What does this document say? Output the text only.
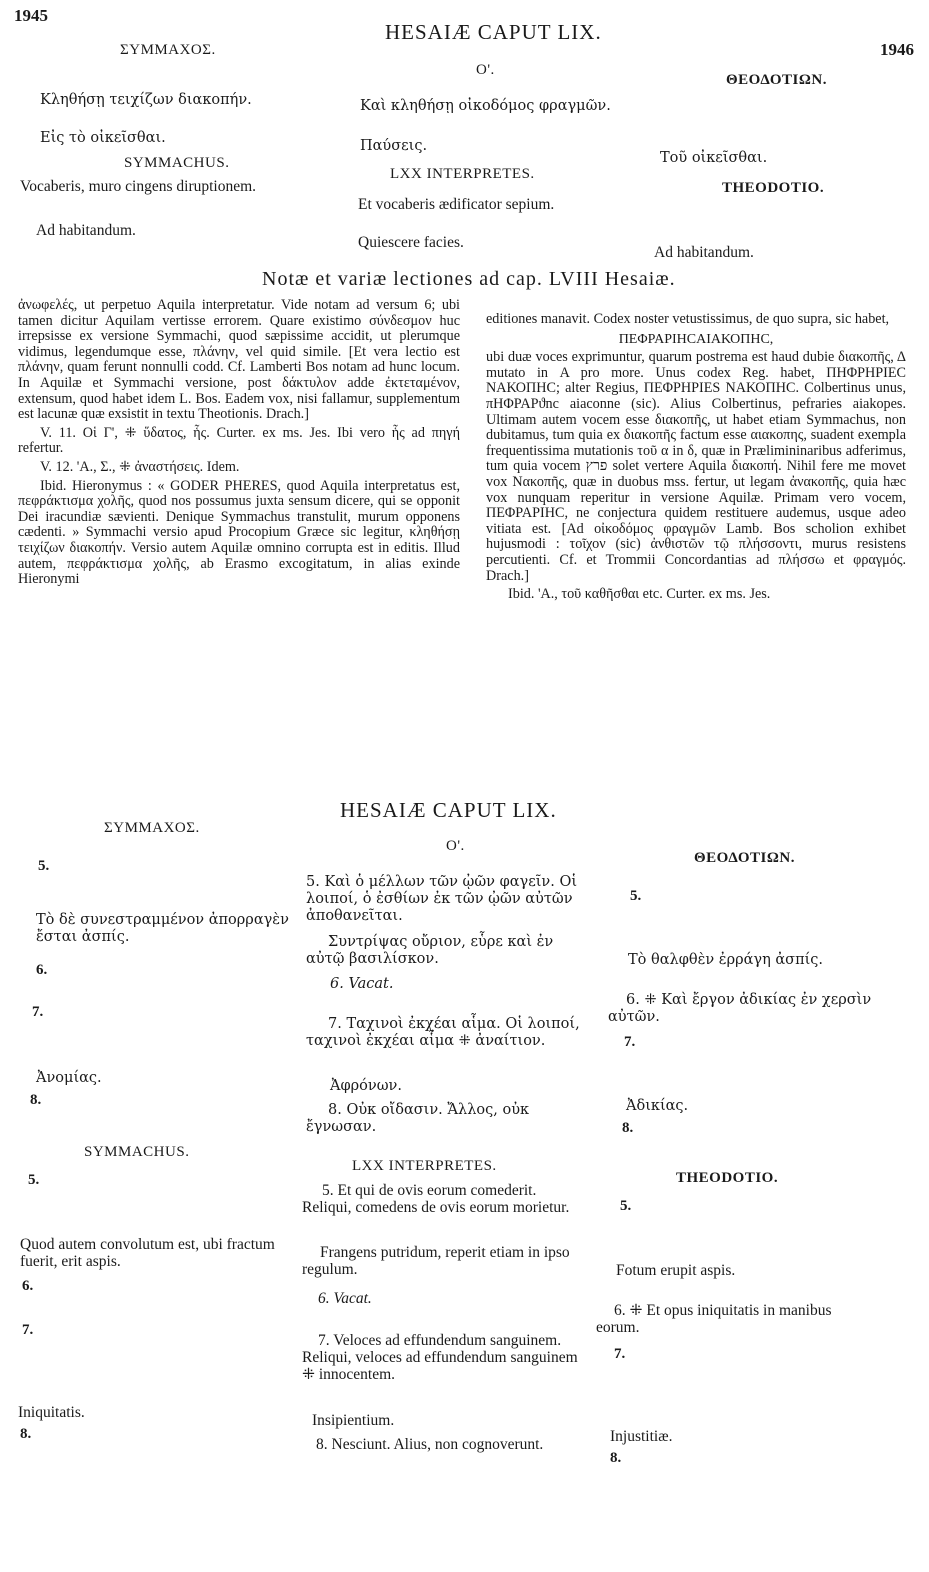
1945
1946
HESAIÆ CAPUT LIX.
ΣΥΜΜΑΧΟΣ.
O'.
ΘΕΟΔΟΤΙΩΝ.
Κληθήσῃ τειχίζων διακοπήν.
Εἰς τὸ οἰκεῖσθαι.
Καὶ κληθήσῃ οἰκοδόμος φραγμῶν.
Παύσεις.
Τοῦ οἰκεῖσθαι.
SYMMACHUS.
LXX INTERPRETES.
THEODOTIO.
Vocaberis, muro cingens diruptionem.
Ad habitandum.
Et vocaberis ædificator sepium.
Quiescere facies.
Ad habitandum.
Notæ et variæ lectiones ad cap. LVIII Hesaiæ.

ἀνωφελές, ut perpetuo Aquila interpretatur. Vide notam ad versum 6; ubi tamen dicitur Aquilam vertisse errorem. Quare existimo σύνδεσμον huc irrepsisse ex versione Symmachi, quod sæpissime accidit, ut plerumque vidimus, legendumque esse, πλάνην, vel quid simile. [Et vera lectio est πλάνην, quam ferunt nonnulli codd. Cf. Lamberti Bos notam ad hunc locum. In Aquilæ et Symmachi versione, post δάκτυλον adde ἐκτεταμένον, extensum, quod habet idem L. Bos. Eadem vox, nisi fallamur, supplementum est lacunæ quæ exsistit in textu Theotionis. Drach.]

V. 11. Οἱ Γ', ⁜ ὕδατος, ἧς. Curter. ex ms. Jes. Ibi vero ἧς ad πηγή refertur.

V. 12. 'Α., Σ., ⁜ ἀναστήσεις. Idem.

Ibid. Hieronymus : « GODER PHERES, quod Aquila interpretatus est, πεφράκτισμα χολῆς, quod nos possumus juxta sensum dicere, qui se opponit Dei iracundiæ sævienti. Denique Symmachus transtulit, murum opponens cædenti. » Symmachi versio apud Procopium Græce sic legitur, κληθήσῃ τειχίζων διακοπήν. Versio autem Aquilæ omnino corrupta est in editis. Illud autem, πεφράκτισμα χολῆς, ab Erasmo excogitatum, in alias exinde Hieronymi

editiones manavit. Codex noster vetustissimus, de quo supra, sic habet,

ΠΕΦΡΑΡΙΗCΑΙΑΚΟΠΗC,

ubi duæ voces exprimuntur, quarum postrema est haud dubie διακοπῆς, Δ mutato in Α pro more. Unus codex Reg. habet, ΠΗΦΡΗΡΙΕC ΝΑΚΟΠΗC; alter Regius, ΠΕΦΡΗΡΙΕS ΝΑΚΟΠΗC. Colbertinus unus, πΗΦΡΑΡϑnc aiaconne (sic). Alius Colbertinus, pefraries aiakopes. Ultimam autem vocem esse διακοπῆς, ut habet etiam Symmachus, non dubitamus, tum quia ex διακοπῆς factum esse αιακοπης, suadent exempla frequentissima mutationis τοῦ α in δ, quæ in Prælimininaribus adferimus, tum quia vocem פרץ solet vertere Aquila διακοπή. Nihil fere me movet vox Νακοπῆς, quæ in duobus mss. fertur, ut legam ἀνακοπῆς, quia hæc vox nunquam reperitur in versione Aquilæ. Primam vero vocem, ΠΕΦΡΑΡΙΗC, ne conjectura quidem restituere audemus, usque adeo vitiata est. [Ad οἰκοδόμος φραγμῶν Lamb. Bos scholion exhibet hujusmodi : τοῖχον (sic) ἀνθιστῶν τῷ πλήσσοντι, murus resistens percutienti. Cf. et Trommii Concordantias ad πλήσσω et φραγμός. Drach.]

Ibid. 'Α., τοῦ καθῆσθαι etc. Curter. ex ms. Jes.

HESAIÆ CAPUT LIX.
ΣΥΜΜΑΧΟΣ.
O'.
ΘΕΟΔΟΤΙΩΝ.
5.
Τὸ δὲ συνεστραμμένον ἀπορραγὲν ἔσται ἀσπίς.
6.
7.
Ἀνομίας.
8.
5. Καὶ ὁ μέλλων τῶν ᾠῶν φαγεῖν. Οἱ λοιποί, ὁ ἐσθίων ἐκ τῶν ᾠῶν αὐτῶν ἀποθανεῖται.
Συντρίψας οὔριον, εὗρε καὶ ἐν αὐτῷ βασιλίσκον.
6. Vacat.
7. Ταχινοὶ ἐκχέαι αἷμα. Οἱ λοιποί, ταχινοὶ ἐκχέαι αἷμα ⁜ ἀναίτιον.
Ἀφρόνων.
8. Οὐκ οἴδασιν. Ἄλλος, οὐκ ἔγνωσαν.
5.
Τὸ θαλφθὲν ἐρράγη ἀσπίς.
6. ⁜ Καὶ ἔργον ἀδικίας ἐν χερσὶν αὐτῶν.
7.
Ἀδικίας.
8.
SYMMACHUS.
LXX INTERPRETES.
THEODOTIO.
5.
Quod autem convolutum est, ubi fractum fuerit, erit aspis.
6.
7.
Iniquitatis.
8.
5. Et qui de ovis eorum comederit. Reliqui, comedens de ovis eorum morietur.
Frangens putridum, reperit etiam in ipso regulum.
6. Vacat.
7. Veloces ad effundendum sanguinem. Reliqui, veloces ad effundendum sanguinem ⁜ innocentem.
Insipientium.
8. Nesciunt. Alius, non cognoverunt.
5.
Fotum erupit aspis.
6. ⁜ Et opus iniquitatis in manibus eorum.
7.
Injustitiæ.
8.
